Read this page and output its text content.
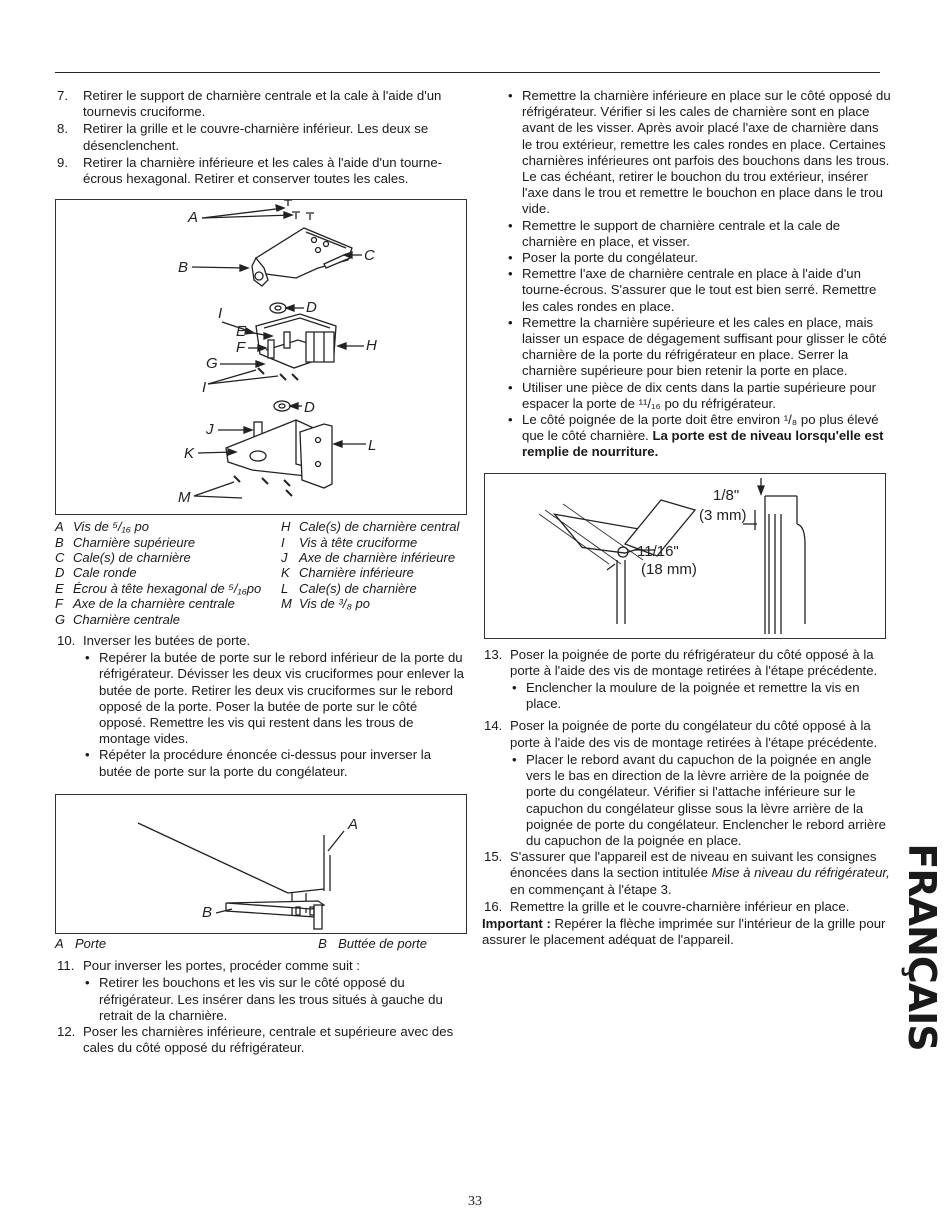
7.	Retirer le support de charnière centrale et la cale à l'aide d'un tournevis cruciforme.
8.	Retirer la grille et le couvre-charnière inférieur. Les deux se désenclenchent.
9.	Retirer la charnière inférieure et les cales à l'aide d'un tourne-écrous hexagonal. Retirer et conserver toutes les cales.
A
B
C
D
I
E
F
G
H
I
D
J
K	L
M
A Vis de ⁵/₁₆ po
B Charnière supérieure
C Cale(s) de charnière
D Cale ronde
E Écrou à tête hexagonal de ⁵/₁₆po
F Axe de la charnière centrale
G Charnière centrale
H Cale(s) de charnière central
I	Vis à tête cruciforme
J Axe de charnière inférieure
K Charnière inférieure
L Cale(s) de charnière
M Vis de ³/₈ po
10. Inverser les butées de porte.
• Repérer la butée de porte sur le rebord inférieur de la porte du réfrigérateur. Dévisser les deux vis cruciformes pour enlever la butée de porte. Retirer les deux vis cruciformes sur le rebord opposé de la porte. Poser la butée de porte sur le côté opposé. Remettre les vis qui restent dans les trous de montage vides.
• Répéter la procédure énoncée ci-dessus pour inverser la butée de porte sur la porte du congélateur.
A
B
A Porte	B Buttée de porte
11. Pour inverser les portes, procéder comme suit :
• Retirer les bouchons et les vis sur le côté opposé du réfrigérateur. Les insérer dans les trous situés à gauche du retrait de la charnière.
12. Poser les charnières inférieure, centrale et supérieure avec des cales du côté opposé du réfrigérateur.
• Remettre la charnière inférieure en place sur le côté opposé du réfrigérateur. Vérifier si les cales de charnière sont en place avant de les visser. Après avoir placé l'axe de charnière dans le trou extérieur, remettre les cales rondes en place. Certaines charnières inférieures ont parfois des bouchons dans les trous. Le cas échéant, retirer le bouchon du trou extérieur, insérer l'axe dans le trou et remettre le bouchon en place dans le trou vide.
• Remettre le support de charnière centrale et la cale de charnière en place, et visser.
• Poser la porte du congélateur.
• Remettre l'axe de charnière centrale en place à l'aide d'un tourne-écrous. S'assurer que le tout est bien serré. Remettre les cales rondes en place.
• Remettre la charnière supérieure et les cales en place, mais laisser un espace de dégagement suffisant pour glisser le côté charnière de la porte du réfrigérateur en place. Serrer la charnière supérieure pour bien retenir la porte en place.
• Utiliser une pièce de dix cents dans la partie supérieure pour espacer la porte de ¹¹/₁₆ po du réfrigérateur.
• Le côté poignée de la porte doit être environ ¹/₈ po plus élevé que le côté charnière. La porte est de niveau lorsqu'elle est remplie de nourriture.
1/8"
(3 mm)
11/16"
(18 mm)
13. Poser la poignée de porte du réfrigérateur du côté opposé à la porte à l'aide des vis de montage retirées à l'étape précédente.
• Enclencher la moulure de la poignée et remettre la vis en place.
14. Poser la poignée de porte du congélateur du côté opposé à la porte à l'aide des vis de montage retirées à l'étape précédente.
• Placer le rebord avant du capuchon de la poignée en angle vers le bas en direction de la lèvre arrière de la poignée de porte du congélateur. Vérifier si l'attache inférieure sur le capuchon du congélateur glisse sous la lèvre arrière de la poignée de porte du congélateur. Enclencher le rebord arrière du capuchon de la poignée en place.
15. S'assurer que l'appareil est de niveau en suivant les consignes énoncées dans la section intitulée Mise à niveau du réfrigérateur, en commençant à l'étape 3.
16. Remettre la grille et le couvre-charnière inférieur en place.

Important : Repérer la flèche imprimée sur l'intérieur de la grille pour assurer le placement adéquat de l'appareil.	FRANÇAIS
33
